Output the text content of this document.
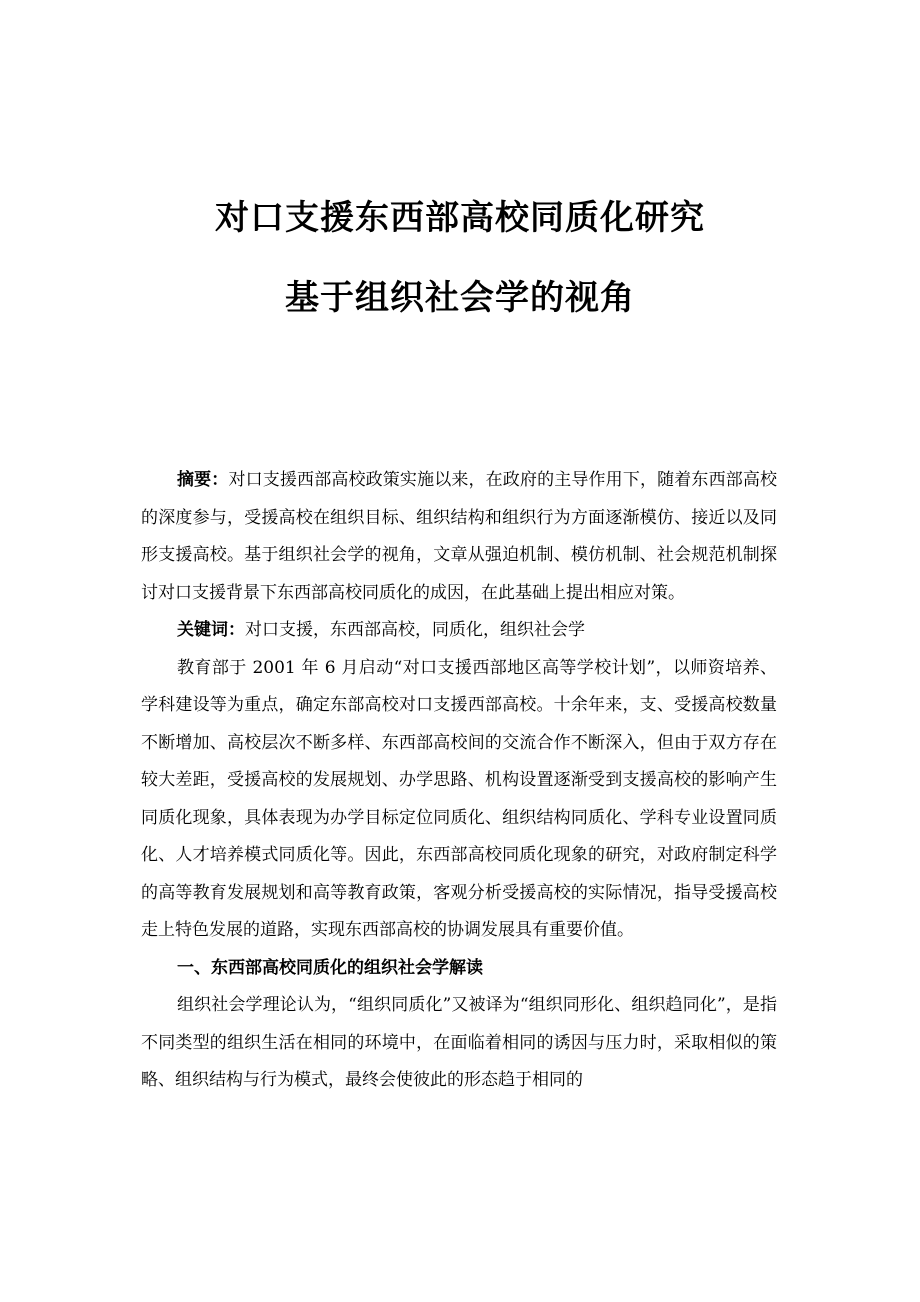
对口支援东西部高校同质化研究
基于组织社会学的视角

摘要：对口支援西部高校政策实施以来，在政府的主导作用下，随着东西部高校的深度参与，受援高校在组织目标、组织结构和组织行为方面逐渐模仿、接近以及同形支援高校。基于组织社会学的视角，文章从强迫机制、模仿机制、社会规范机制探讨对口支援背景下东西部高校同质化的成因，在此基础上提出相应对策。

关键词：对口支援，东西部高校，同质化，组织社会学

教育部于 2001 年 6 月启动“对口支援西部地区高等学校计划”，以师资培养、学科建设等为重点，确定东部高校对口支援西部高校。十余年来，支、受援高校数量不断增加、高校层次不断多样、东西部高校间的交流合作不断深入，但由于双方存在较大差距，受援高校的发展规划、办学思路、机构设置逐渐受到支援高校的影响产生同质化现象，具体表现为办学目标定位同质化、组织结构同质化、学科专业设置同质化、人才培养模式同质化等。因此，东西部高校同质化现象的研究，对政府制定科学的高等教育发展规划和高等教育政策，客观分析受援高校的实际情况，指导受援高校走上特色发展的道路，实现东西部高校的协调发展具有重要价值。

一、东西部高校同质化的组织社会学解读

组织社会学理论认为，“组织同质化”又被译为“组织同形化、组织趋同化”，是指不同类型的组织生活在相同的环境中，在面临着相同的诱因与压力时，采取相似的策略、组织结构与行为模式，最终会使彼此的形态趋于相同的
